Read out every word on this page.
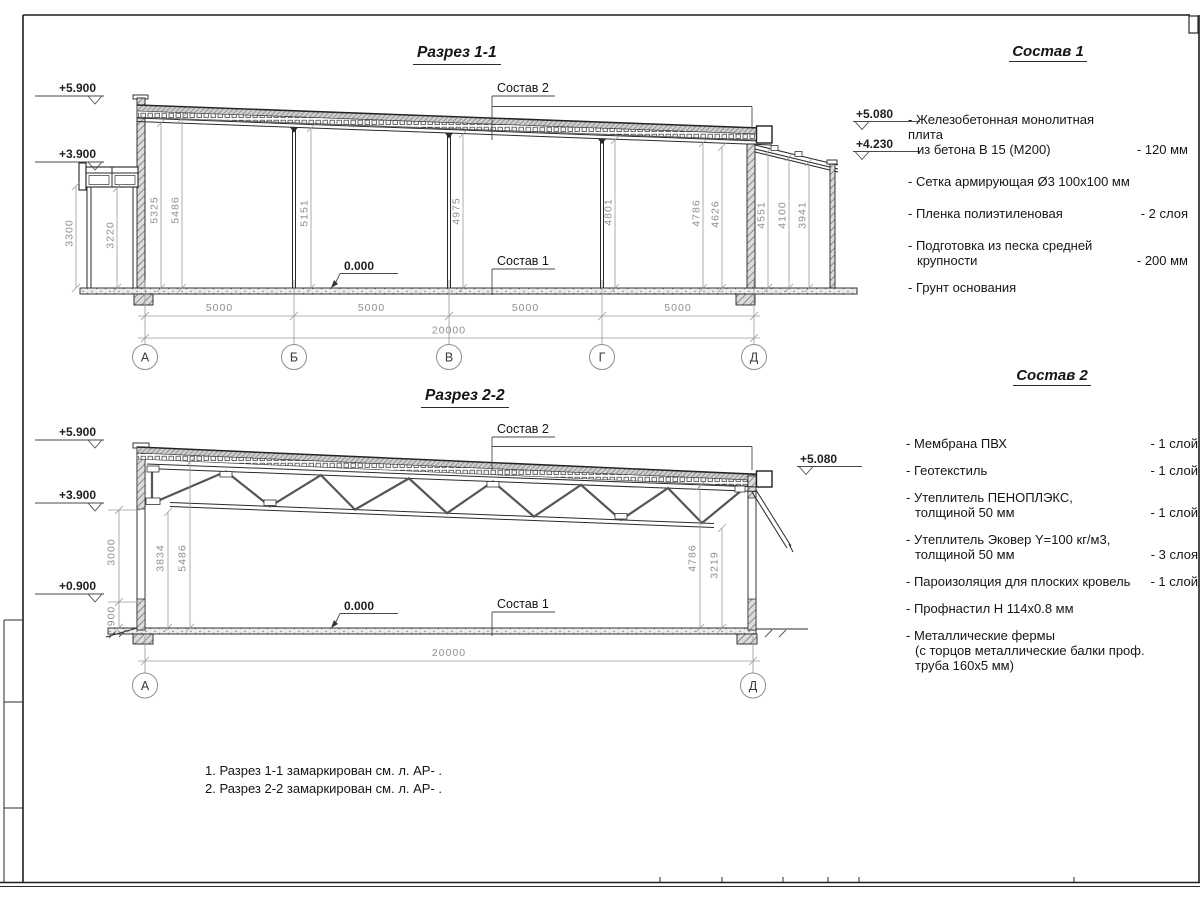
+5.900
+3.900
+5.080
+4.230
0.000
Состав 2
Состав 1
3300	3220
5325 5486	5151	4975	4801	4786 4626	4551 4100 3941
5000	5000	5000	5000
20000
А	Б	В	Г	Д
+5.900
+3.900
+0.900
+5.080
0.000
Состав 2
Состав 1
900
3000	3834 5486	4786 3219
20000
А	Д
Разрез 1-1
Разрез 2-2
Состав 1
- Железобетонная монолитная плита
из бетона В 15 (М200)	- 120 мм
- Сетка армирующая Ø3 100х100 мм
- Пленка полиэтиленовая	- 2 слоя
- Подготовка из песка средней
крупности	- 200 мм
- Грунт основания
Состав 2
- Мембрана ПВХ	- 1 слой
- Геотекстиль	- 1 слой
- Утеплитель ПЕНОПЛЭКС,
толщиной 50 мм	- 1 слой
- Утеплитель Эковер Y=100 кг/м3,
толщиной 50 мм	- 3 слоя
- Пароизоляция для плоских кровель	- 1 слой
- Профнастил Н 114х0.8 мм
- Металлические фермы
(с торцов металлические балки проф.
труба 160х5 мм)
1. Разрез 1-1 замаркирован см. л. АР- .
2. Разрез 2-2 замаркирован см. л. АР- .
